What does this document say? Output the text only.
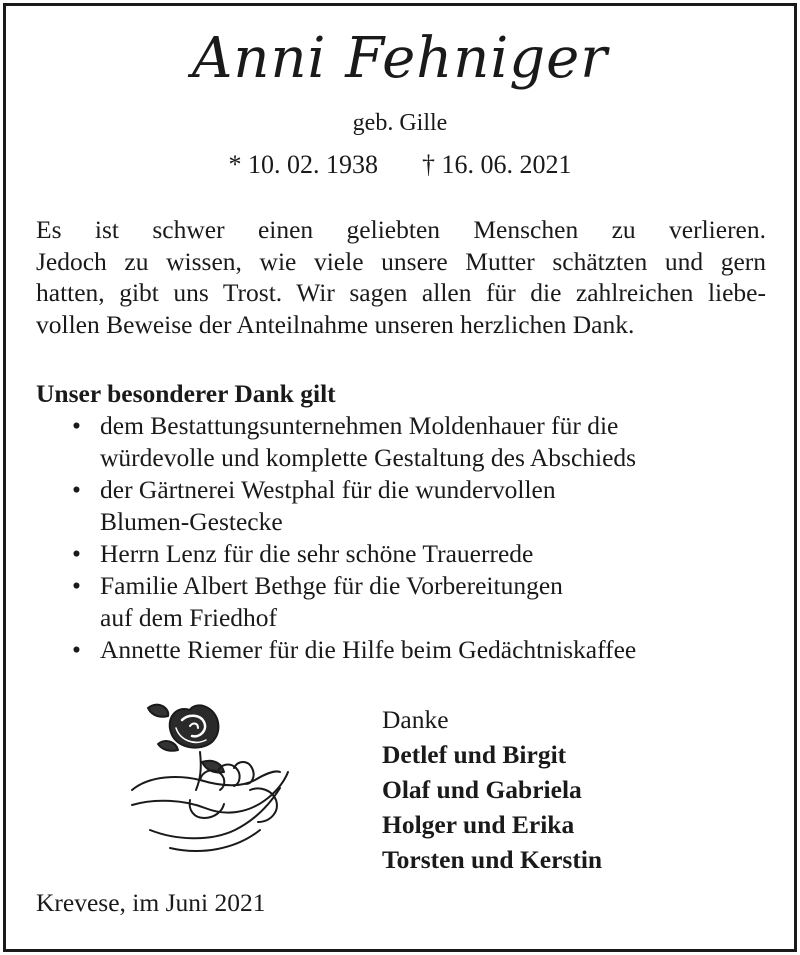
Anni Fehniger
geb. Gille
* 10. 02. 1938 † 16. 06. 2021
Es ist schwer einen geliebten Menschen zu verlieren.
Jedoch zu wissen, wie viele unsere Mutter schätzten und gern
hatten, gibt uns Trost. Wir sagen allen für die zahlreichen liebe-
vollen Beweise der Anteilnahme unseren herzlichen Dank.
Unser besonderer Dank gilt
• dem Bestattungsunternehmen Moldenhauer für die
würdevolle und komplette Gestaltung des Abschieds
• der Gärtnerei Westphal für die wundervollen
Blumen-Gestecke
• Herrn Lenz für die sehr schöne Trauerrede
• Familie Albert Bethge für die Vorbereitungen
auf dem Friedhof
• Annette Riemer für die Hilfe beim Gedächtniskaffee
Danke
Detlef und Birgit
Olaf und Gabriela
Holger und Erika
Torsten und Kerstin
Krevese, im Juni 2021
